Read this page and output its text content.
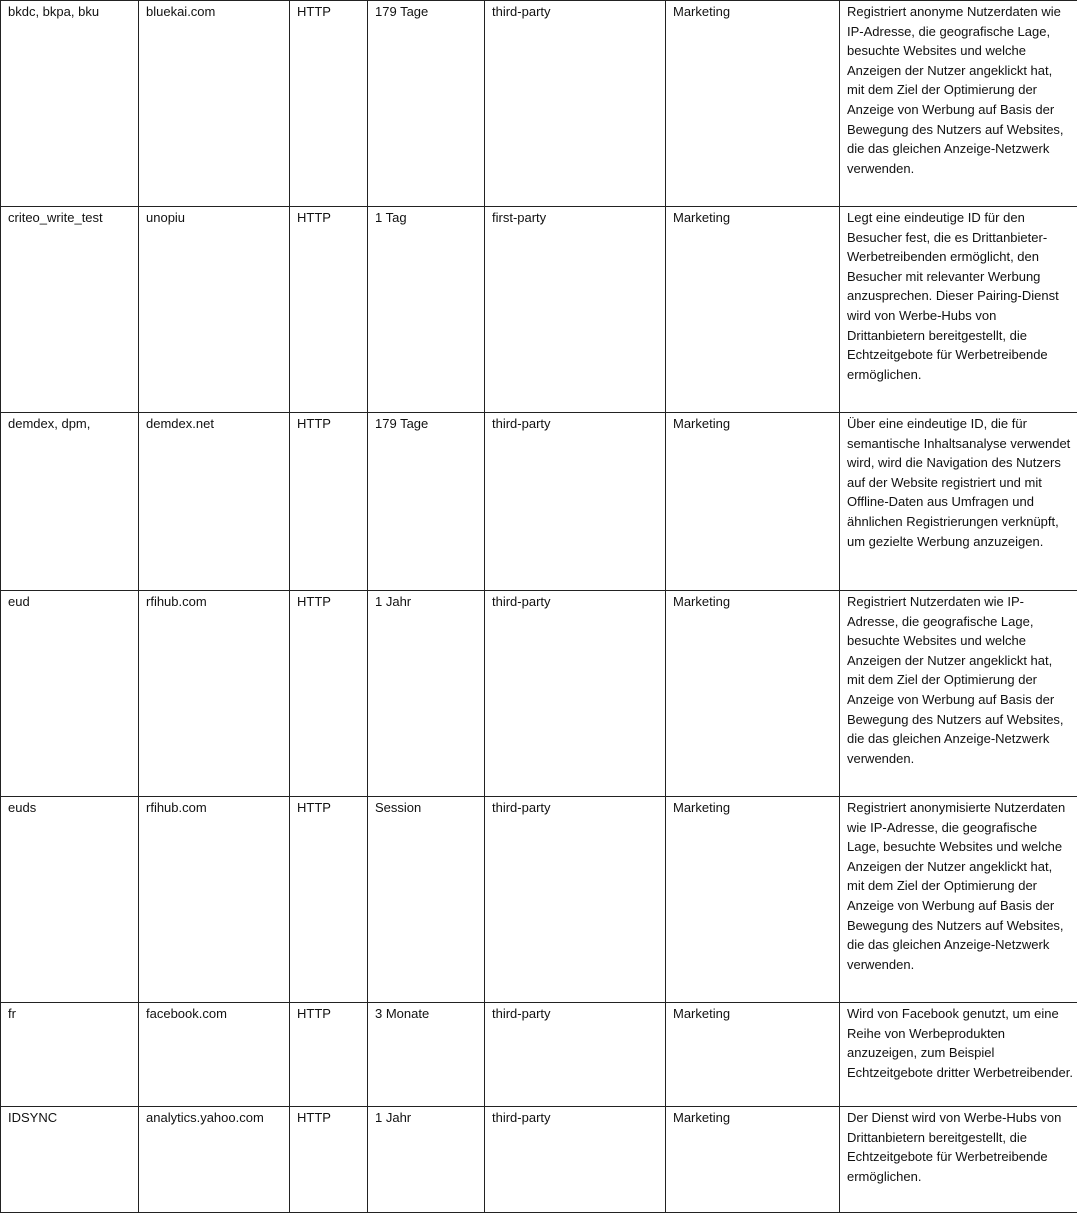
bkdc, bkpa, bku	bluekai.com	HTTP	179 Tage	third-party	Marketing	Registriert anonyme Nutzerdaten wie IP-Adresse, die geografische Lage, besuchte Websites und welche Anzeigen der Nutzer angeklickt hat, mit dem Ziel der Optimierung der Anzeige von Werbung auf Basis der Bewegung des Nutzers auf Websites, die das gleichen Anzeige-Netzwerk verwenden.
criteo_write_test	unopiu	HTTP	1 Tag	first-party	Marketing	Legt eine eindeutige ID für den Besucher fest, die es Drittanbieter-Werbetreibenden ermöglicht, den Besucher mit relevanter Werbung anzusprechen. Dieser Pairing-Dienst wird von Werbe-Hubs von Drittanbietern bereitgestellt, die Echtzeitgebote für Werbetreibende ermöglichen.
demdex, dpm,	demdex.net	HTTP	179 Tage	third-party	Marketing	Über eine eindeutige ID, die für semantische Inhaltsanalyse verwendet wird, wird die Navigation des Nutzers auf der Website registriert und mit Offline-Daten aus Umfragen und ähnlichen Registrierungen verknüpft, um gezielte Werbung anzuzeigen.
eud	rfihub.com	HTTP	1 Jahr	third-party	Marketing	Registriert Nutzerdaten wie IP-Adresse, die geografische Lage, besuchte Websites und welche Anzeigen der Nutzer angeklickt hat, mit dem Ziel der Optimierung der Anzeige von Werbung auf Basis der Bewegung des Nutzers auf Websites, die das gleichen Anzeige-Netzwerk verwenden.
euds	rfihub.com	HTTP	Session	third-party	Marketing	Registriert anonymisierte Nutzerdaten wie IP-Adresse, die geografische Lage, besuchte Websites und welche Anzeigen der Nutzer angeklickt hat, mit dem Ziel der Optimierung der Anzeige von Werbung auf Basis der Bewegung des Nutzers auf Websites, die das gleichen Anzeige-Netzwerk verwenden.
fr	facebook.com	HTTP	3 Monate	third-party	Marketing	Wird von Facebook genutzt, um eine Reihe von Werbeprodukten anzuzeigen, zum Beispiel Echtzeitgebote dritter Werbetreibender.
IDSYNC	analytics.yahoo.com	HTTP	1 Jahr	third-party	Marketing	Der Dienst wird von Werbe-Hubs von Drittanbietern bereitgestellt, die Echtzeitgebote für Werbetreibende ermöglichen.
